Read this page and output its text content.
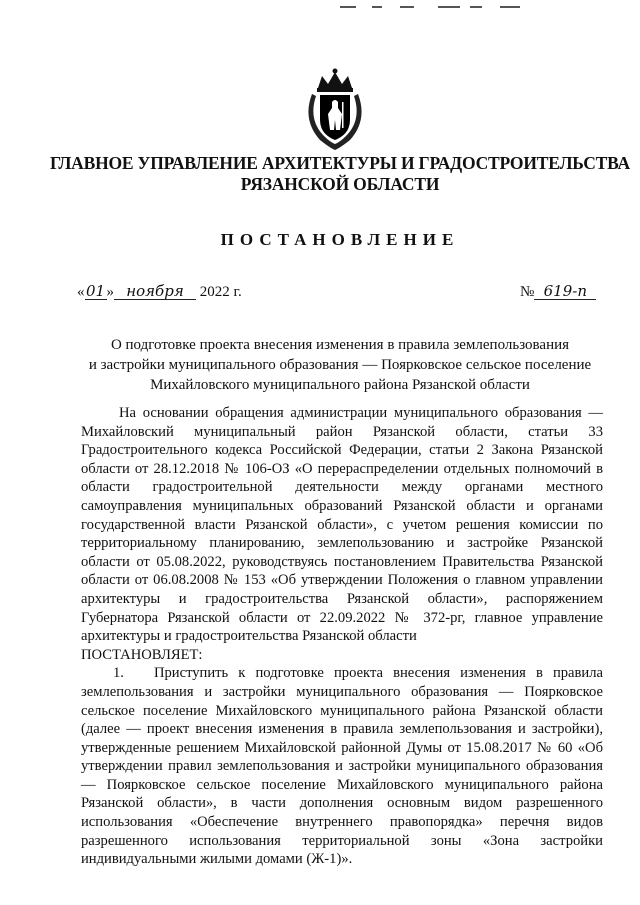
ГЛАВНОЕ УПРАВЛЕНИЕ АРХИТЕКТУРЫ И ГРАДОСТРОИТЕЛЬСТВА
РЯЗАНСКОЙ ОБЛАСТИ
ПОСТАНОВЛЕНИЕ
«01» ноября 2022 г.	№ 619-п
О подготовке проекта внесения изменения в правила землепользования
и застройки муниципального образования — Поярковское сельское поселение
Михайловского муниципального района Рязанской области

На основании обращения администрации муниципального образования — Михайловский муниципальный район Рязанской области, статьи 33 Градостроительного кодекса Российской Федерации, статьи 2 Закона Рязанской области от 28.12.2018 № 106-ОЗ «О перераспределении отдельных полномочий в области градостроительной деятельности между органами местного самоуправления муниципальных образований Рязанской области и органами государственной власти Рязанской области», с учетом решения комиссии по территориальному планированию, землепользованию и застройке Рязанской области от 05.08.2022, руководствуясь постановлением Правительства Рязанской области от 06.08.2008 № 153 «Об утверждении Положения о главном управлении архитектуры и градостроительства Рязанской области», распоряжением Губернатора Рязанской области от 22.09.2022 № 372-рг, главное управление архитектуры и градостроительства Рязанской области

ПОСТАНОВЛЯЕТ:

1. Приступить к подготовке проекта внесения изменения в правила землепользования и застройки муниципального образования — Поярковское сельское поселение Михайловского муниципального района Рязанской области (далее — проект внесения изменения в правила землепользования и застройки), утвержденные решением Михайловской районной Думы от 15.08.2017 № 60 «Об утверждении правил землепользования и застройки муниципального образования — Поярковское сельское поселение Михайловского муниципального района Рязанской области», в части дополнения основным видом разрешенного использования «Обеспечение внутреннего правопорядка» перечня видов разрешенного использования территориальной зоны «Зона застройки индивидуальными жилыми домами (Ж-1)».
